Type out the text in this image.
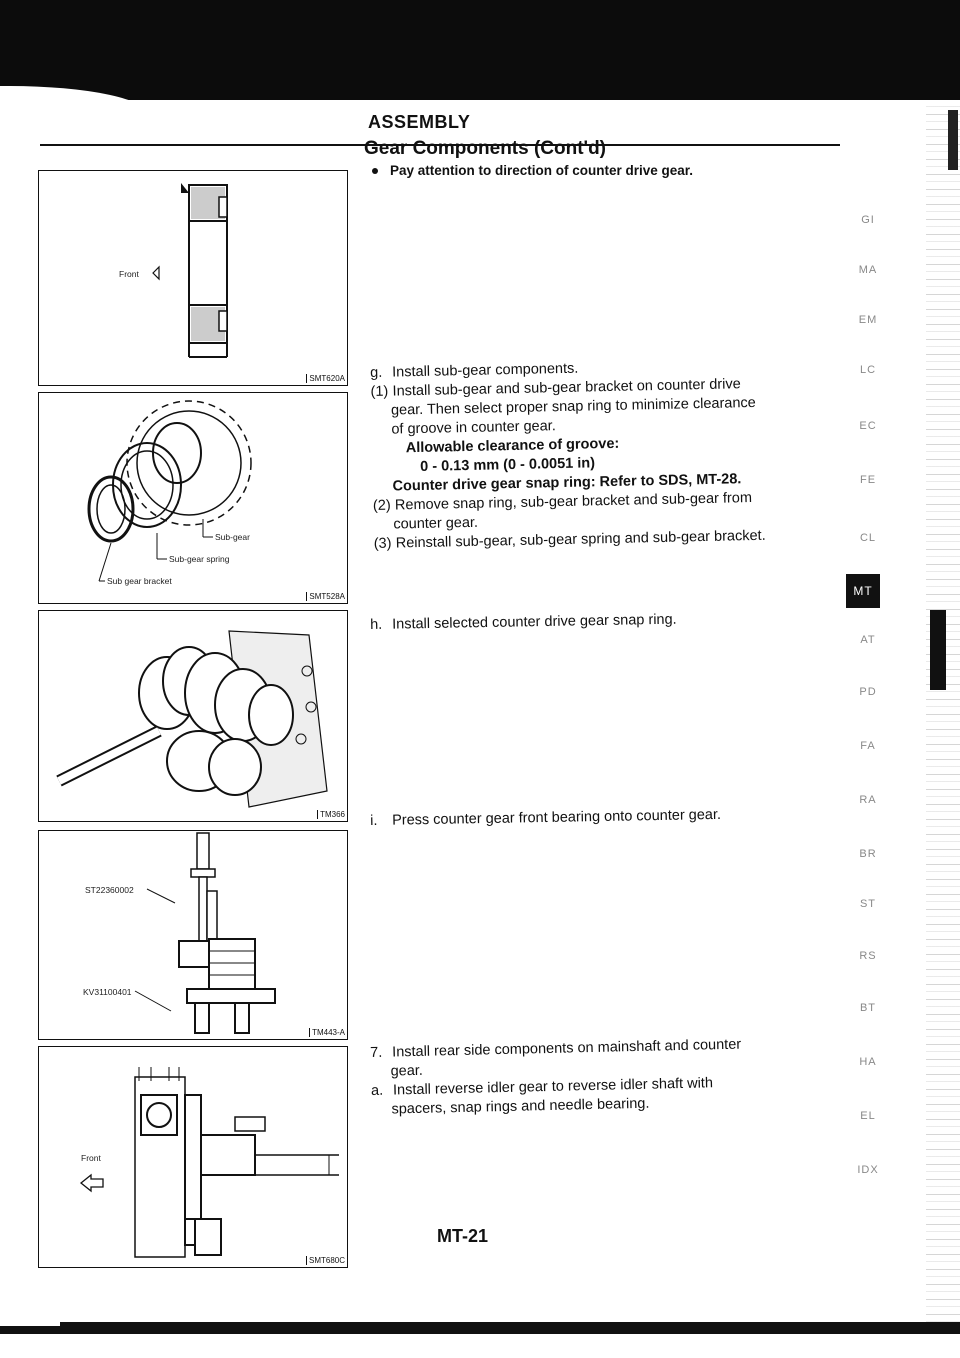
ASSEMBLY
Gear Components (Cont'd)
Pay attention to direction of counter drive gear.
g. Install sub-gear components.
(1) Install sub-gear and sub-gear bracket on counter drive
gear. Then select proper snap ring to minimize clearance
of groove in counter gear.
Allowable clearance of groove:
0 - 0.13 mm (0 - 0.0051 in)
Counter drive gear snap ring: Refer to SDS, MT-28.
(2) Remove snap ring, sub-gear bracket and sub-gear from
counter gear.
(3) Reinstall sub-gear, sub-gear spring and sub-gear bracket.
h. Install selected counter drive gear snap ring.
i. Press counter gear front bearing onto counter gear.
7. Install rear side components on mainshaft and counter
gear.
a. Install reverse idler gear to reverse idler shaft with
spacers, snap rings and needle bearing.
Front
SMT620A
Sub-gear
Sub-gear spring
Sub gear bracket
SMT528A
TM366
ST22360002
KV31100401
TM443-A
Front
SMT680C
GI
MA
EM
LC
EC
FE
CL
MT
AT
PD
FA
RA
BR
ST
RS
BT
HA
EL
IDX
MT-21
